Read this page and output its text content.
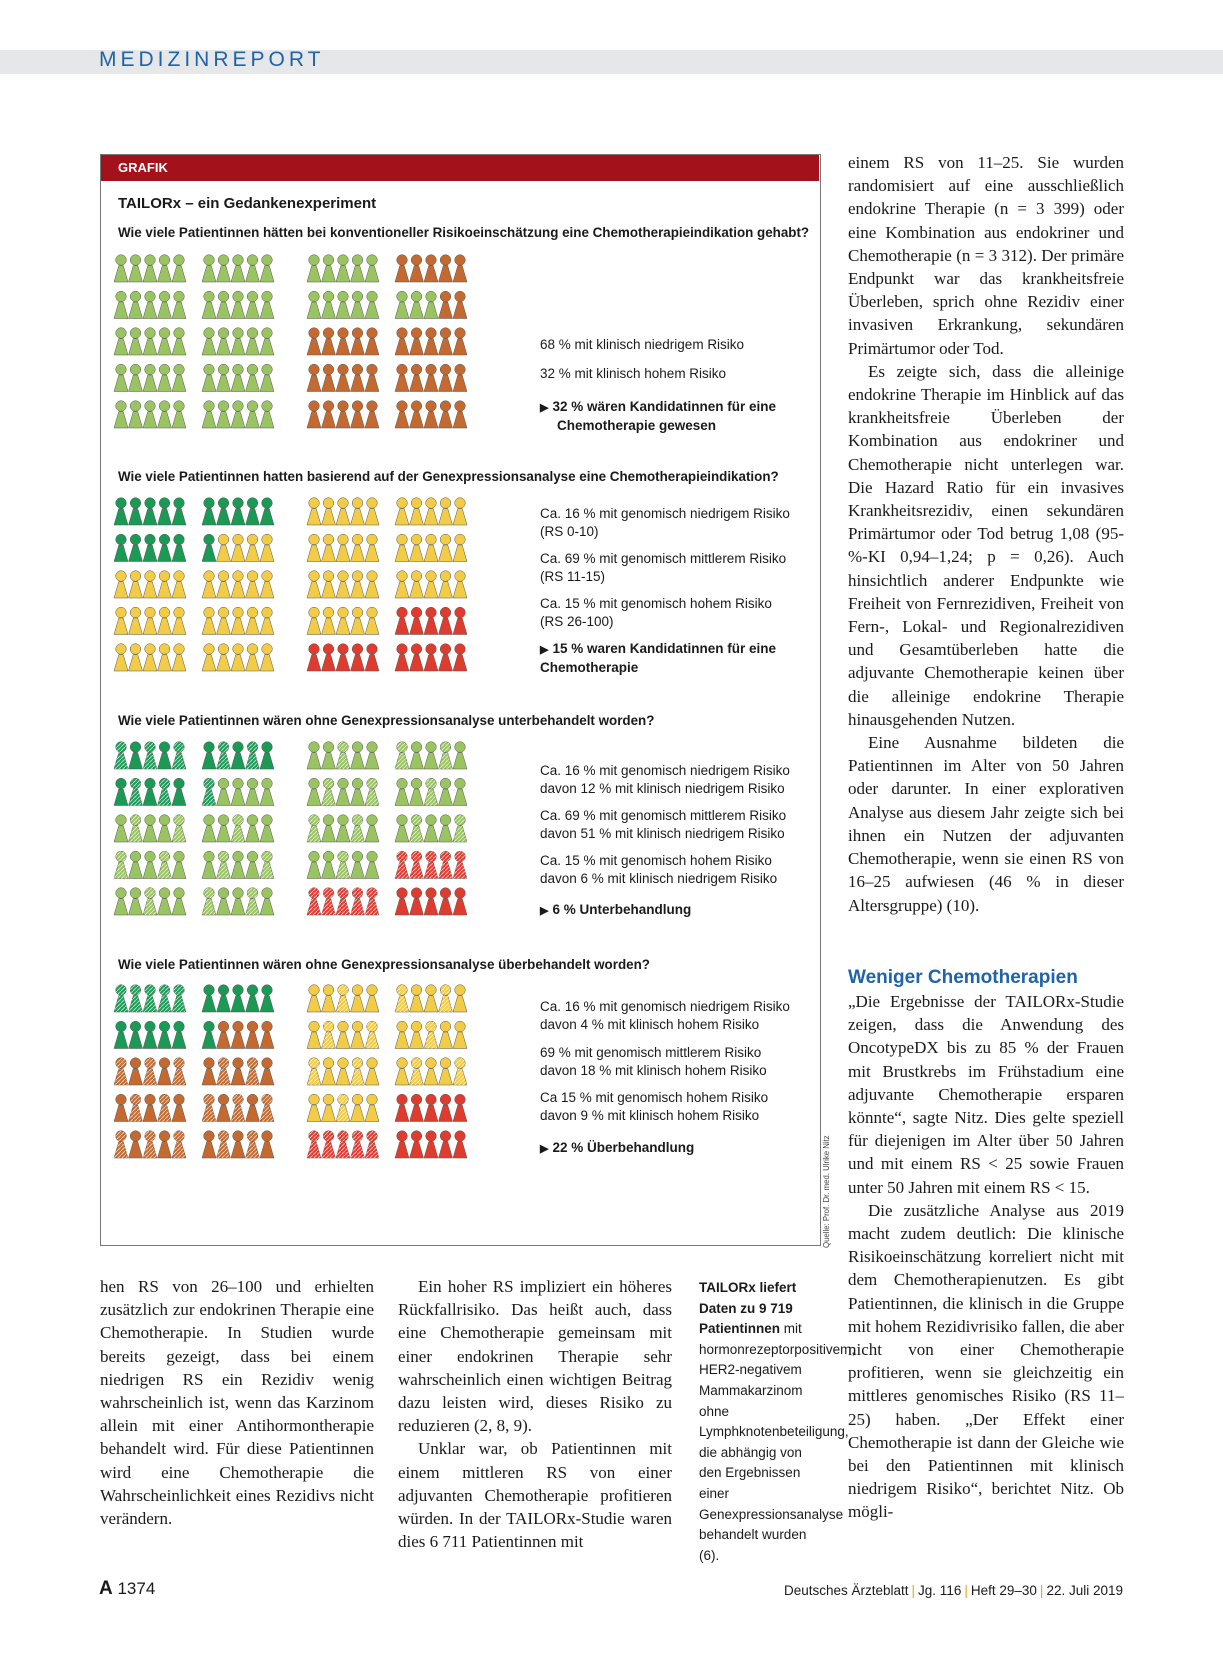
MEDIZINREPORT
GRAFIK
TAILORx – ein Gedankenexperiment
Wie viele Patientinnen hätten bei konventioneller Risikoeinschätzung eine Chemotherapieindikation gehabt?
68 % mit klinisch niedrigem Risiko
32 % mit klinisch hohem Risiko
▶ 32 % wären Kandidatinnen für eine
Chemotherapie gewesen
Wie viele Patientinnen hatten basierend auf der Genexpressionsanalyse eine Chemotherapieindikation?
Ca. 16 % mit genomisch niedrigem Risiko
(RS 0-10)
Ca. 69 % mit genomisch mittlerem Risiko
(RS 11-15)
Ca. 15 % mit genomisch hohem Risiko
(RS 26-100)
▶ 15 % waren Kandidatinnen für eine
Chemotherapie
Wie viele Patientinnen wären ohne Genexpressionsanalyse unterbehandelt worden?
Ca. 16 % mit genomisch niedrigem Risiko
davon 12 % mit klinisch niedrigem Risiko
Ca. 69 % mit genomisch mittlerem Risiko
davon 51 % mit klinisch niedrigem Risiko
Ca. 15 % mit genomisch hohem Risiko
davon 6 % mit klinisch niedrigem Risiko
▶ 6 % Unterbehandlung
Wie viele Patientinnen wären ohne Genexpressionsanalyse überbehandelt worden?
Ca. 16 % mit genomisch niedrigem Risiko
davon 4 % mit klinisch hohem Risiko
69 % mit genomisch mittlerem Risiko
davon 18 % mit klinisch hohem Risiko
Ca 15 % mit genomisch hohem Risiko
davon 9 % mit klinisch hohem Risiko
▶ 22 % Überbehandlung	Quelle: Prof. Dr. med. Ulrike Nitz

einem RS von 11–25. Sie wurden randomisiert auf eine ausschließlich endokrine Therapie (n = 3 399) oder eine Kombination aus endokriner und Chemotherapie (n = 3 312). Der primäre Endpunkt war das krankheitsfreie Überleben, sprich ohne Rezidiv einer invasiven Erkrankung, sekundären Primärtumor oder Tod.

Es zeigte sich, dass die alleinige endokrine Therapie im Hinblick auf das krankheitsfreie Überleben der Kombination aus endokriner und Chemotherapie nicht unterlegen war. Die Hazard Ratio für ein invasives Krankheitsrezidiv, einen sekundären Primärtumor oder Tod betrug 1,08 (95-%-KI 0,94–1,24; p = 0,26). Auch hinsichtlich anderer Endpunkte wie Freiheit von Fernrezidiven, Freiheit von Fern-, Lokal- und Regionalrezidiven und Gesamtüberleben hatte die adjuvante Chemotherapie keinen über die alleinige endokrine Therapie hinausgehenden Nutzen.

Eine Ausnahme bildeten die Patientinnen im Alter von 50 Jahren oder darunter. In einer explorativen Analyse aus diesem Jahr zeigte sich bei ihnen ein Nutzen der adjuvanten Chemotherapie, wenn sie einen RS von 16–25 aufwiesen (46 % in dieser Altersgruppe) (10).

Weniger Chemotherapien

„Die Ergebnisse der TAILORx-Studie zeigen, dass die Anwendung des OncotypeDX bis zu 85 % der Frauen mit Brustkrebs im Frühstadium eine adjuvante Chemotherapie ersparen könnte“, sagte Nitz. Dies gelte speziell für diejenigen im Alter über 50 Jahren und mit einem RS < 25 sowie Frauen unter 50 Jahren mit einem RS < 15.

Die zusätzliche Analyse aus 2019 macht zudem deutlich: Die klinische Risikoeinschätzung korreliert nicht mit dem Chemotherapienutzen. Es gibt Patientinnen, die klinisch in die Gruppe mit hohem Rezidivrisiko fallen, die aber nicht von einer Chemotherapie profitieren, wenn sie gleichzeitig ein mittleres genomisches Risiko (RS 11–25) haben. „Der Effekt einer Chemotherapie ist dann der Gleiche wie bei den Patientinnen mit klinisch niedrigem Risiko“, berichtet Nitz. Ob mögli-

hen RS von 26–100 und erhielten zusätzlich zur endokrinen Therapie eine Chemotherapie. In Studien wurde bereits gezeigt, dass bei einem niedrigen RS ein Rezidiv wenig wahrscheinlich ist, wenn das Karzinom allein mit einer Antihormontherapie behandelt wird. Für diese Patientinnen wird eine Chemotherapie die Wahrscheinlichkeit eines Rezidivs nicht verändern.

Ein hoher RS impliziert ein höheres Rückfallrisiko. Das heißt auch, dass eine Chemotherapie gemeinsam mit einer endokrinen Therapie sehr wahrscheinlich einen wichtigen Beitrag dazu leisten wird, dieses Risiko zu reduzieren (2, 8, 9).

Unklar war, ob Patientinnen mit einem mittleren RS von einer adjuvanten Chemotherapie profitieren würden. In der TAILORx-Studie waren dies 6 711 Patientinnen mit

TAILORx liefert Daten zu 9 719 Patientinnen mit hormonrezeptorpositivem, HER2-negativem Mammakarzinom ohne Lymphknotenbeteiligung, die abhängig von den Ergebnissen einer Genexpressionsanalyse behandelt wurden (6).
A 1374	Deutsches Ärzteblatt | Jg. 116 | Heft 29–30 | 22. Juli 2019
